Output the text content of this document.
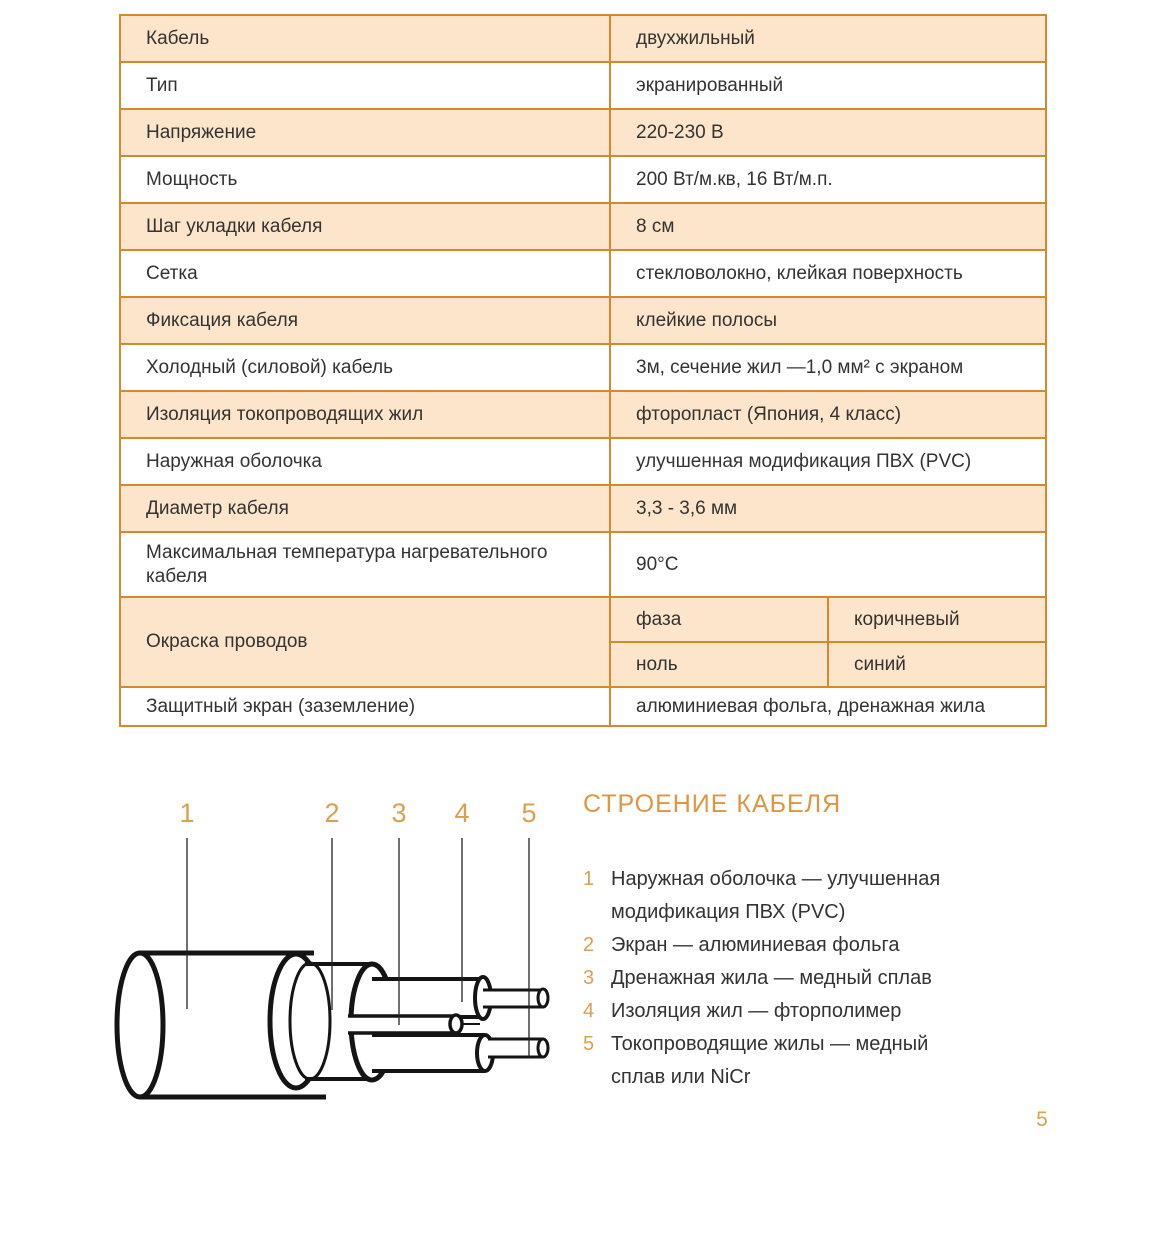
Кабель	двухжильный	
Тип	экранированный	
Напряжение	220-230 В	
Мощность	200 Вт/м.кв, 16 Вт/м.п.	
Шаг укладки кабеля	8 см	
Сетка	стекловолокно, клейкая поверхность	
Фиксация кабеля	клейкие полосы	
Холодный (силовой) кабель	3м, сечение жил —1,0 мм² с экраном	
Изоляция токопроводящих жил	фторопласт (Япония, 4 класс)	
Наружная оболочка	улучшенная модификация ПВХ (PVC)	
Диаметр кабеля	3,3 - 3,6 мм	
Максимальная температура нагревательного кабеля	90°С	
Окраска проводов	фаза	коричневый
	ноль	синий
Защитный экран (заземление)	алюминиевая фольга, дренажная жила	
1	2 3 4 5 СТРОЕНИЕ КАБЕЛЯ
1 Наружная оболочка — улучшенная модификация ПВХ (PVC)
2 Экран — алюминиевая фольга
3 Дренажная жила — медный сплав
4 Изоляция жил — фторполимер
5 Токопроводящие жилы — медный сплав или NiCr
5
